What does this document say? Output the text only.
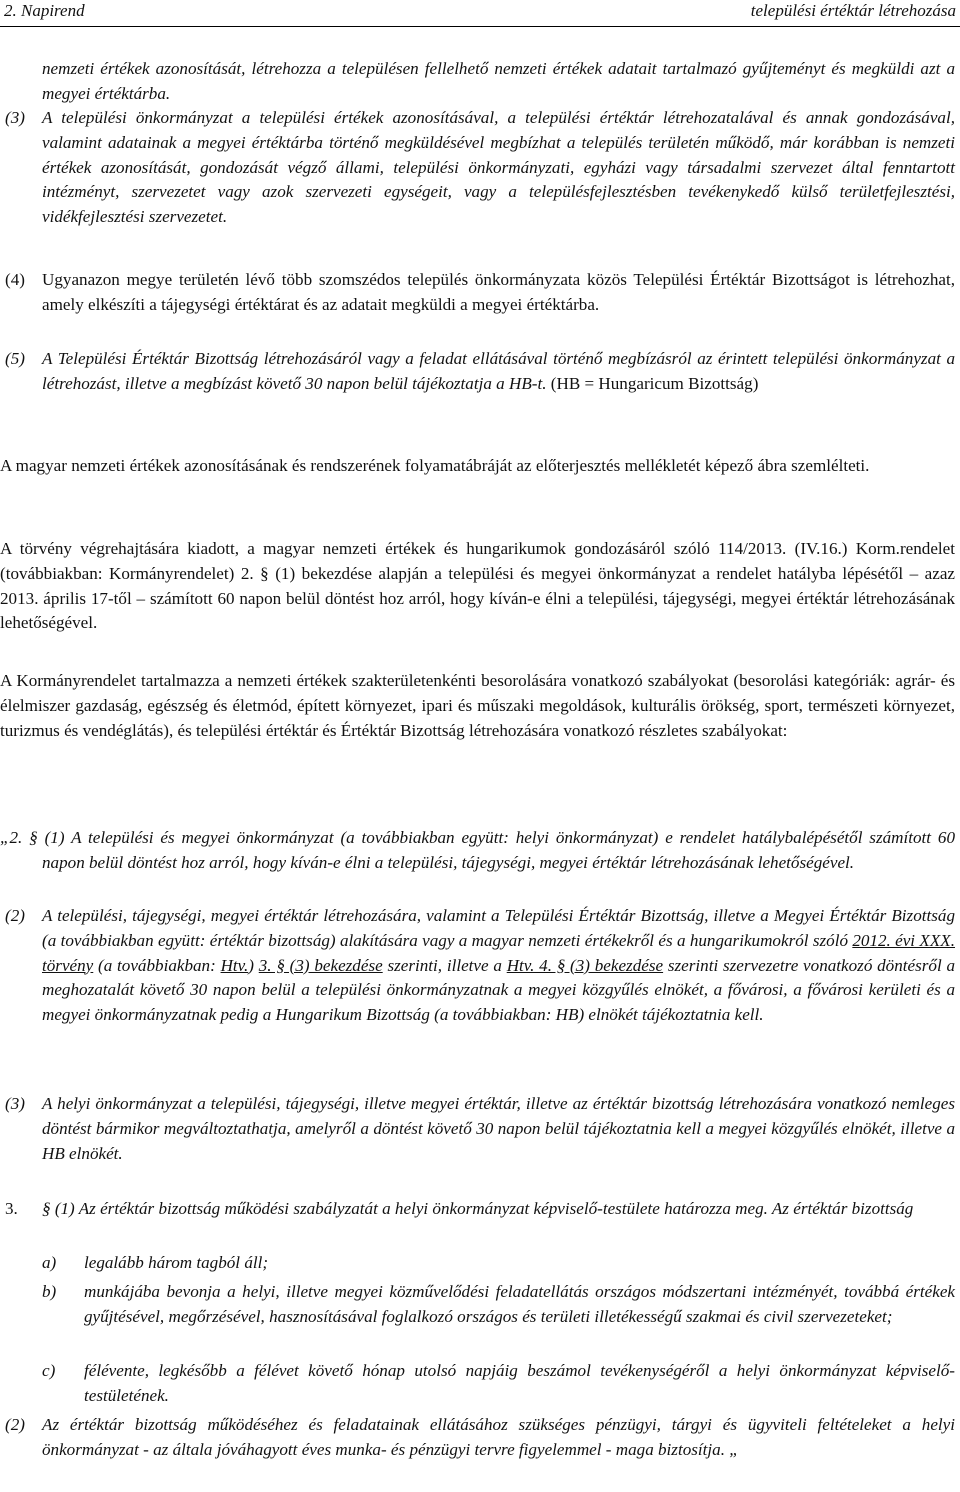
2. Napirend	települési értéktár létrehozása

nemzeti értékek azonosítását, létrehozza a településen fellelhető nemzeti értékek adatait tartalmazó gyűjteményt és megküldi azt a megyei értéktárba.

(3) A települési önkormányzat a települési értékek azonosításával, a települési értéktár létrehozatalával és annak gondozásával, valamint adatainak a megyei értéktárba történő megküldésével megbízhat a település területén működő, már korábban is nemzeti értékek azonosítását, gondozását végző állami, települési önkormányzati, egyházi vagy társadalmi szervezet által fenntartott intézményt, szervezetet vagy azok szervezeti egységeit, vagy a településfejlesztésben tevékenykedő külső területfejlesztési, vidékfejlesztési szervezetet.

(4) Ugyanazon megye területén lévő több szomszédos település önkormányzata közös Települési Értéktár Bizottságot is létrehozhat, amely elkészíti a tájegységi értéktárat és az adatait megküldi a megyei értéktárba.

(5) A Települési Értéktár Bizottság létrehozásáról vagy a feladat ellátásával történő megbízásról az érintett települési önkormányzat a létrehozást, illetve a megbízást követő 30 napon belül tájékoztatja a HB-t. (HB = Hungaricum Bizottság)

A magyar nemzeti értékek azonosításának és rendszerének folyamatábráját az előterjesztés mellékletét képező ábra szemlélteti.

A törvény végrehajtására kiadott, a magyar nemzeti értékek és hungarikumok gondozásáról szóló 114/2013. (IV.16.) Korm.rendelet (továbbiakban: Kormányrendelet) 2. § (1) bekezdése alapján a települési és megyei önkormányzat a rendelet hatályba lépésétől – azaz 2013. április 17-től – számított 60 napon belül döntést hoz arról, hogy kíván-e élni a települési, tájegységi, megyei értéktár létrehozásának lehetőségével.

A Kormányrendelet tartalmazza a nemzeti értékek szakterületenkénti besorolására vonatkozó szabályokat (besorolási kategóriák: agrár- és élelmiszer gazdaság, egészség és életmód, épített környezet, ipari és műszaki megoldások, kulturális örökség, sport, természeti környezet, turizmus és vendéglátás), és települési értéktár és Értéktár Bizottság létrehozására vonatkozó részletes szabályokat:

„2. § (1) A települési és megyei önkormányzat (a továbbiakban együtt: helyi önkormányzat) e rendelet hatálybalépésétől számított 60 napon belül döntést hoz arról, hogy kíván-e élni a települési, tájegységi, megyei értéktár létrehozásának lehetőségével.

(2) A települési, tájegységi, megyei értéktár létrehozására, valamint a Települési Értéktár Bizottság, illetve a Megyei Értéktár Bizottság (a továbbiakban együtt: értéktár bizottság) alakítására vagy a magyar nemzeti értékekről és a hungarikumokról szóló 2012. évi XXX. törvény (a továbbiakban: Htv.) 3. § (3) bekezdése szerinti, illetve a Htv. 4. § (3) bekezdése szerinti szervezetre vonatkozó döntésről a meghozatalát követő 30 napon belül a települési önkormányzatnak a megyei közgyűlés elnökét, a fővárosi, a fővárosi kerületi és a megyei önkormányzatnak pedig a Hungarikum Bizottság (a továbbiakban: HB) elnökét tájékoztatnia kell.

(3) A helyi önkormányzat a települési, tájegységi, illetve megyei értéktár, illetve az értéktár bizottság létrehozására vonatkozó nemleges döntést bármikor megváltoztathatja, amelyről a döntést követő 30 napon belül tájékoztatnia kell a megyei közgyűlés elnökét, illetve a HB elnökét.

3. § (1) Az értéktár bizottság működési szabályzatát a helyi önkormányzat képviselő-testülete határozza meg. Az értéktár bizottság

a) legalább három tagból áll;

b) munkájába bevonja a helyi, illetve megyei közművelődési feladatellátás országos módszertani intézményét, továbbá értékek gyűjtésével, megőrzésével, hasznosításával foglalkozó országos és területi illetékességű szakmai és civil szervezeteket;

c) félévente, legkésőbb a félévet követő hónap utolsó napjáig beszámol tevékenységéről a helyi önkormányzat képviselő-testületének.

(2) Az értéktár bizottság működéséhez és feladatainak ellátásához szükséges pénzügyi, tárgyi és ügyviteli feltételeket a helyi önkormányzat - az általa jóváhagyott éves munka- és pénzügyi tervre figyelemmel - maga biztosítja. „
